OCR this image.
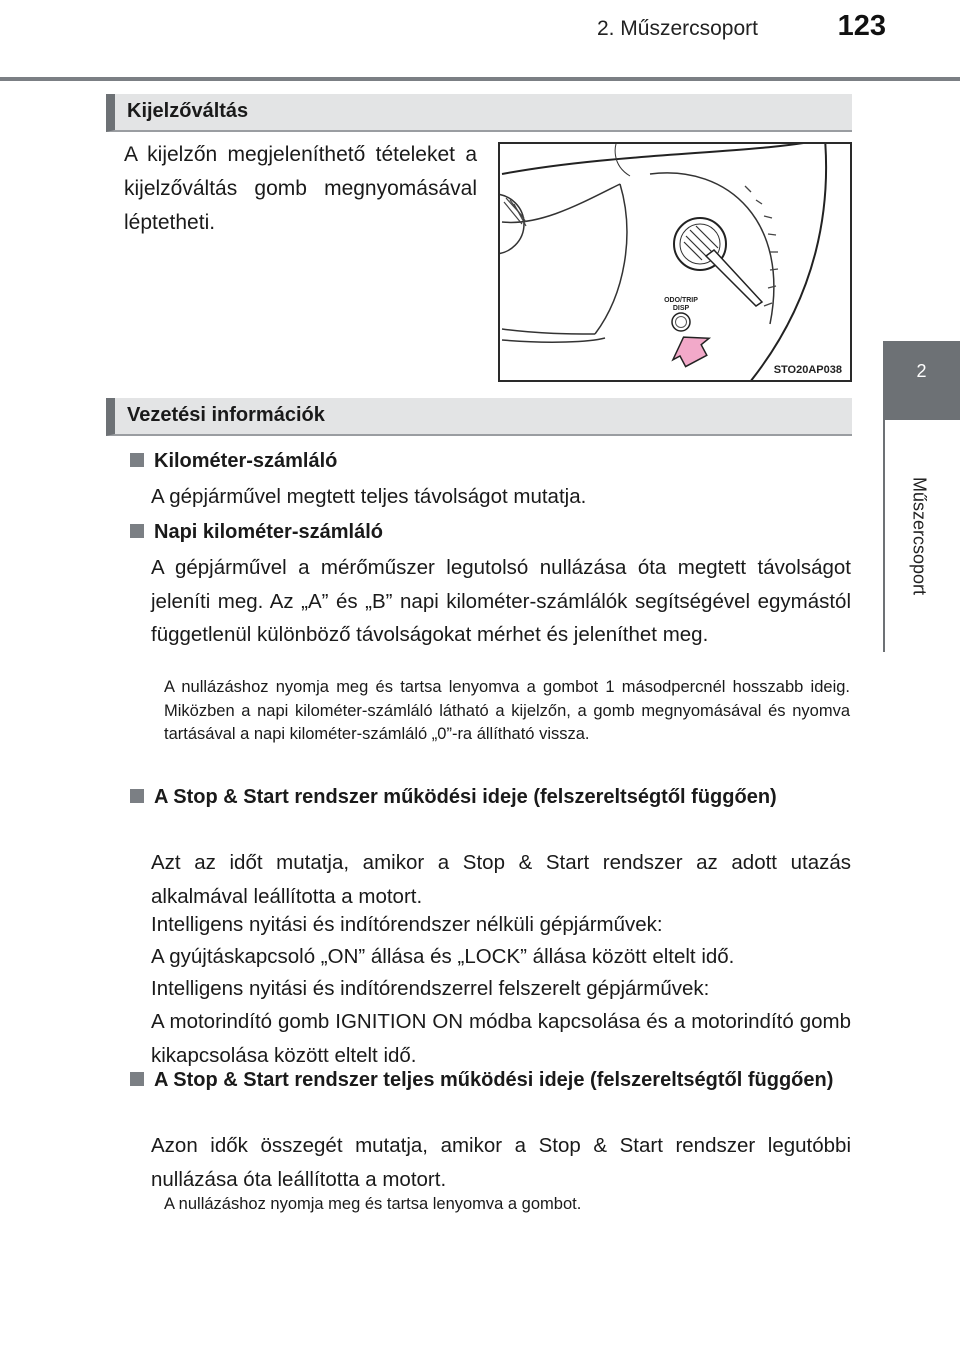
2. Műszercsoport	123
2
Műszercsoport
Kijelzőváltás
A kijelzőn megjeleníthető tételeket a kijelzőváltás gomb megnyomásával léptetheti.
ODO/TRIP
DISP
STO20AP038
Vezetési információk
Kilométer-számláló
A gépjárművel megtett teljes távolságot mutatja.
Napi kilométer-számláló
A gépjárművel a mérőműszer legutolsó nullázása óta megtett távolságot jeleníti meg. Az „A” és „B” napi kilométer-számlálók segítségével egymástól függetlenül különböző távolságokat mérhet és jeleníthet meg.
A nullázáshoz nyomja meg és tartsa lenyomva a gombot 1 másodpercnél hosszabb ideig. Miközben a napi kilométer-számláló látható a kijelzőn, a gomb megnyomásával és nyomva tartásával a napi kilométer-számláló „0”-ra állítható vissza.
A Stop & Start rendszer működési ideje (felszereltségtől függően)
Azt az időt mutatja, amikor a Stop & Start rendszer az adott utazás alkalmával leállította a motort.
Intelligens nyitási és indítórendszer nélküli gépjárművek:
A gyújtáskapcsoló „ON” állása és „LOCK” állása között eltelt idő.
Intelligens nyitási és indítórendszerrel felszerelt gépjárművek:
A motorindító gomb IGNITION ON módba kapcsolása és a motorindító gomb kikapcsolása között eltelt idő.
A Stop & Start rendszer teljes működési ideje (felszereltségtől függően)
Azon idők összegét mutatja, amikor a Stop & Start rendszer legutóbbi nullázása óta leállította a motort.
A nullázáshoz nyomja meg és tartsa lenyomva a gombot.
